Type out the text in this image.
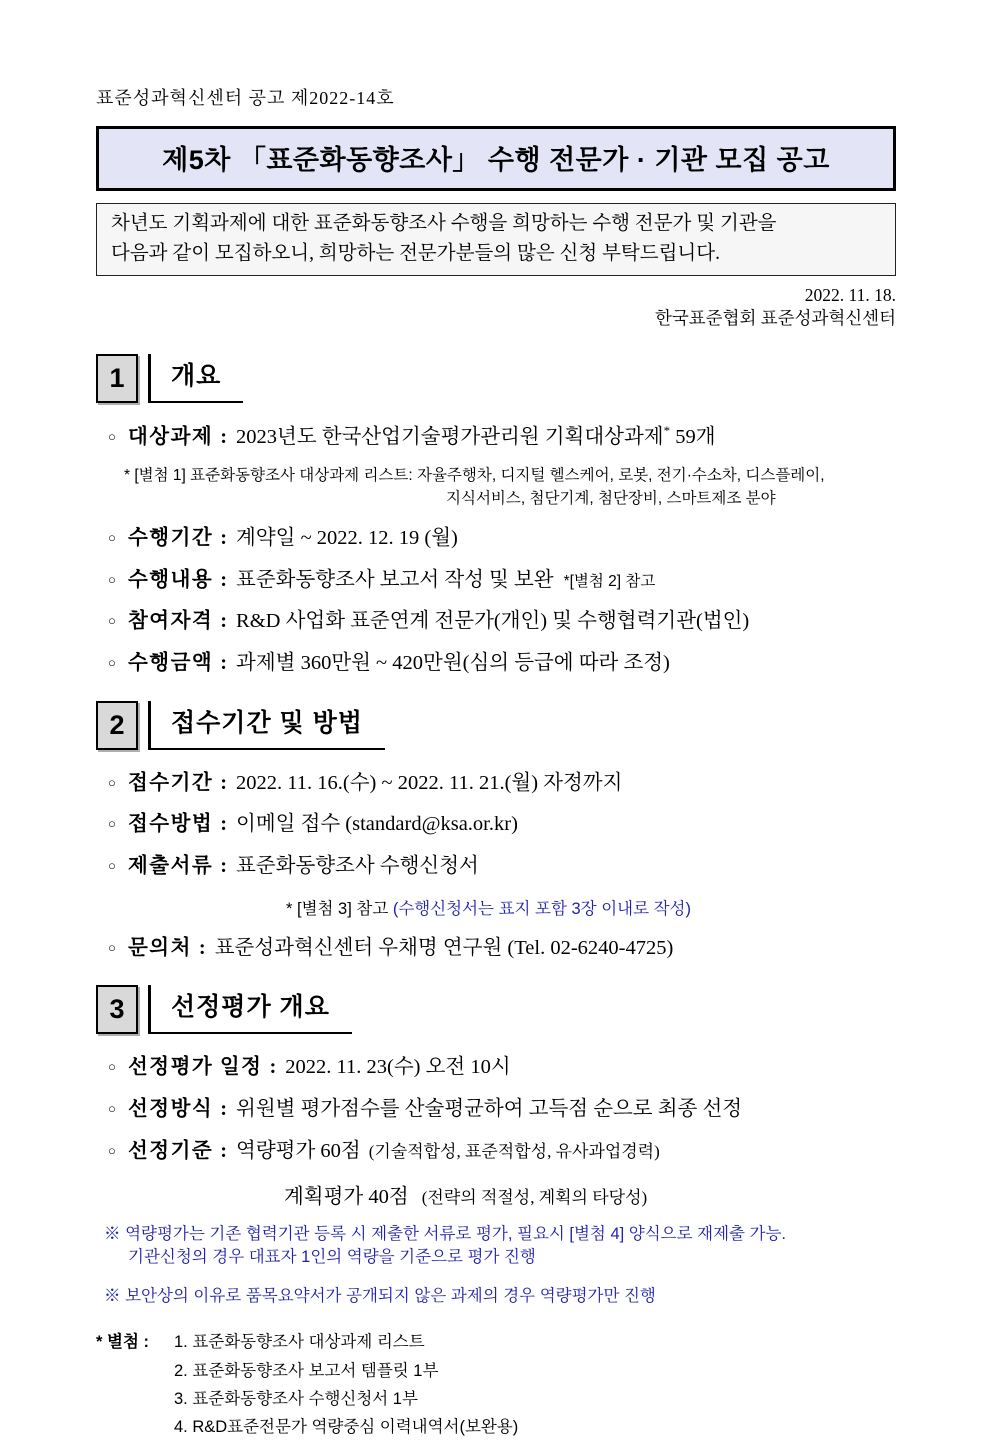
표준성과혁신센터 공고 제2022-14호
제5차 「표준화동향조사」 수행 전문가 · 기관 모집 공고
차년도 기획과제에 대한 표준화동향조사 수행을 희망하는 수행 전문가 및 기관을
다음과 같이 모집하오니, 희망하는 전문가분들의 많은 신청 부탁드립니다.
2022. 11. 18.
한국표준협회 표준성과혁신센터
1	개요
○ 대상과제 : 2023년도 한국산업기술평가관리원 기획대상과제* 59개
* [별첨 1] 표준화동향조사 대상과제 리스트: 자율주행차, 디지털 헬스케어, 로봇, 전기·수소차, 디스플레이,
지식서비스, 첨단기계, 첨단장비, 스마트제조 분야
○ 수행기간 : 계약일 ~ 2022. 12. 19 (월)
○ 수행내용 : 표준화동향조사 보고서 작성 및 보완 *[별첨 2] 참고
○ 참여자격 : R&D 사업화 표준연계 전문가(개인) 및 수행협력기관(법인)
○ 수행금액 : 과제별 360만원 ~ 420만원(심의 등급에 따라 조정)
2	접수기간 및 방법
○ 접수기간 : 2022. 11. 16.(수) ~ 2022. 11. 21.(월) 자정까지
○ 접수방법 : 이메일 접수 (standard@ksa.or.kr)
○ 제출서류 : 표준화동향조사 수행신청서
* [별첨 3] 참고 (수행신청서는 표지 포함 3장 이내로 작성)
○ 문의처 : 표준성과혁신센터 우채명 연구원 (Tel. 02-6240-4725)
3	선정평가 개요
○ 선정평가 일정 : 2022. 11. 23(수) 오전 10시
○ 선정방식 : 위원별 평가점수를 산술평균하여 고득점 순으로 최종 선정
○ 선정기준 : 역량평가 60점 (기술적합성, 표준적합성, 유사과업경력)
계획평가 40점 (전략의 적절성, 계획의 타당성)
※ 역량평가는 기존 협력기관 등록 시 제출한 서류로 평가, 필요시 [별첨 4] 양식으로 재제출 가능.
기관신청의 경우 대표자 1인의 역량을 기준으로 평가 진행
※ 보안상의 이유로 품목요약서가 공개되지 않은 과제의 경우 역량평가만 진행
* 별첨 :	1. 표준화동향조사 대상과제 리스트
2. 표준화동향조사 보고서 템플릿 1부
3. 표준화동향조사 수행신청서 1부
4. R&D표준전문가 역량중심 이력내역서(보완용)
